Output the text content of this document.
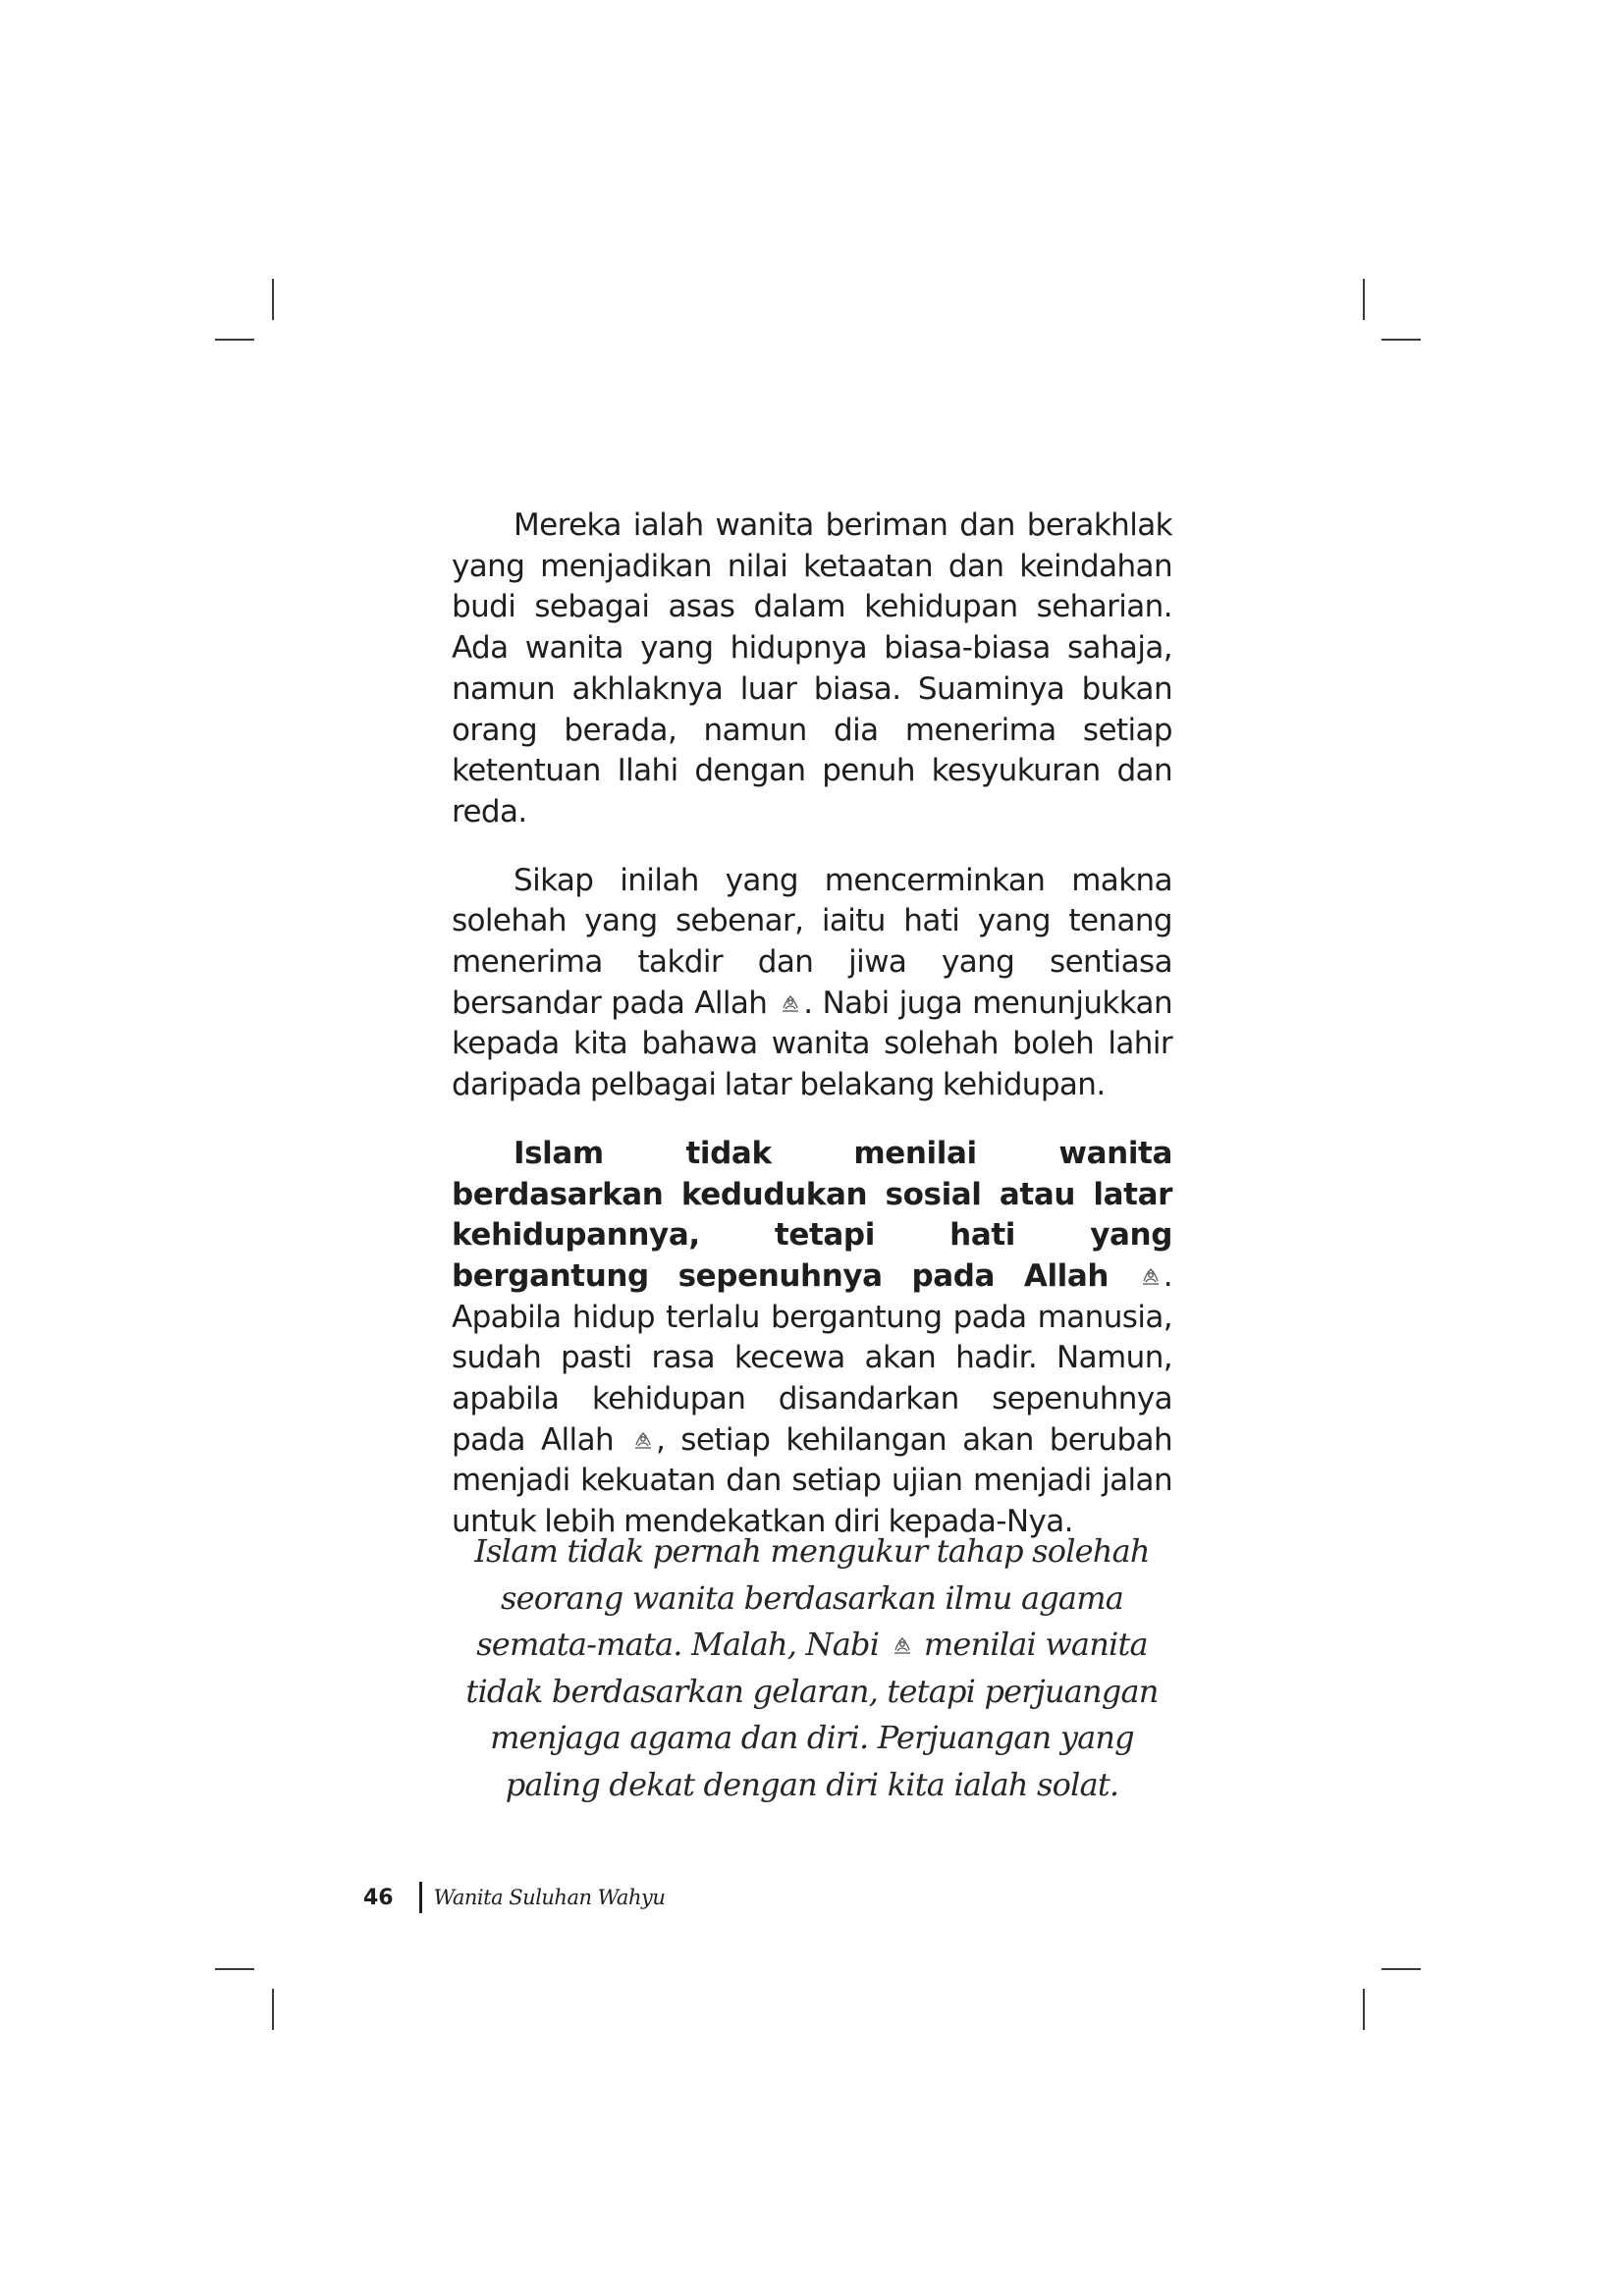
Mereka ialah wanita beriman dan berakhlak yang menjadikan nilai ketaatan dan keindahan budi sebagai asas dalam kehidupan seharian. Ada wanita yang hidupnya biasa-biasa sahaja, namun akhlaknya luar biasa. Suaminya bukan orang berada, namun dia menerima setiap ketentuan Ilahi dengan penuh kesyukuran dan reda.

Sikap inilah yang mencerminkan makna solehah yang sebenar, iaitu hati yang tenang menerima takdir dan jiwa yang sentiasa bersandar pada Allah . Nabi juga menunjukkan kepada kita bahawa wanita solehah boleh lahir daripada pelbagai latar belakang kehidupan.

Islam tidak menilai wanita berdasarkan kedudukan sosial atau latar kehidupannya, tetapi hati yang bergantung sepenuhnya pada Allah . Apabila hidup terlalu bergantung pada manusia, sudah pasti rasa kecewa akan hadir. Namun, apabila kehidupan disandarkan sepenuhnya pada Allah , setiap kehilangan akan berubah menjadi kekuatan dan setiap ujian menjadi jalan untuk lebih mendekatkan diri kepada-Nya.

Islam tidak pernah mengukur tahap solehah
seorang wanita berdasarkan ilmu agama
semata-mata. Malah, Nabi menilai wanita
tidak berdasarkan gelaran, tetapi perjuangan
menjaga agama dan diri. Perjuangan yang
paling dekat dengan diri kita ialah solat.
46 Wanita Suluhan Wahyu
